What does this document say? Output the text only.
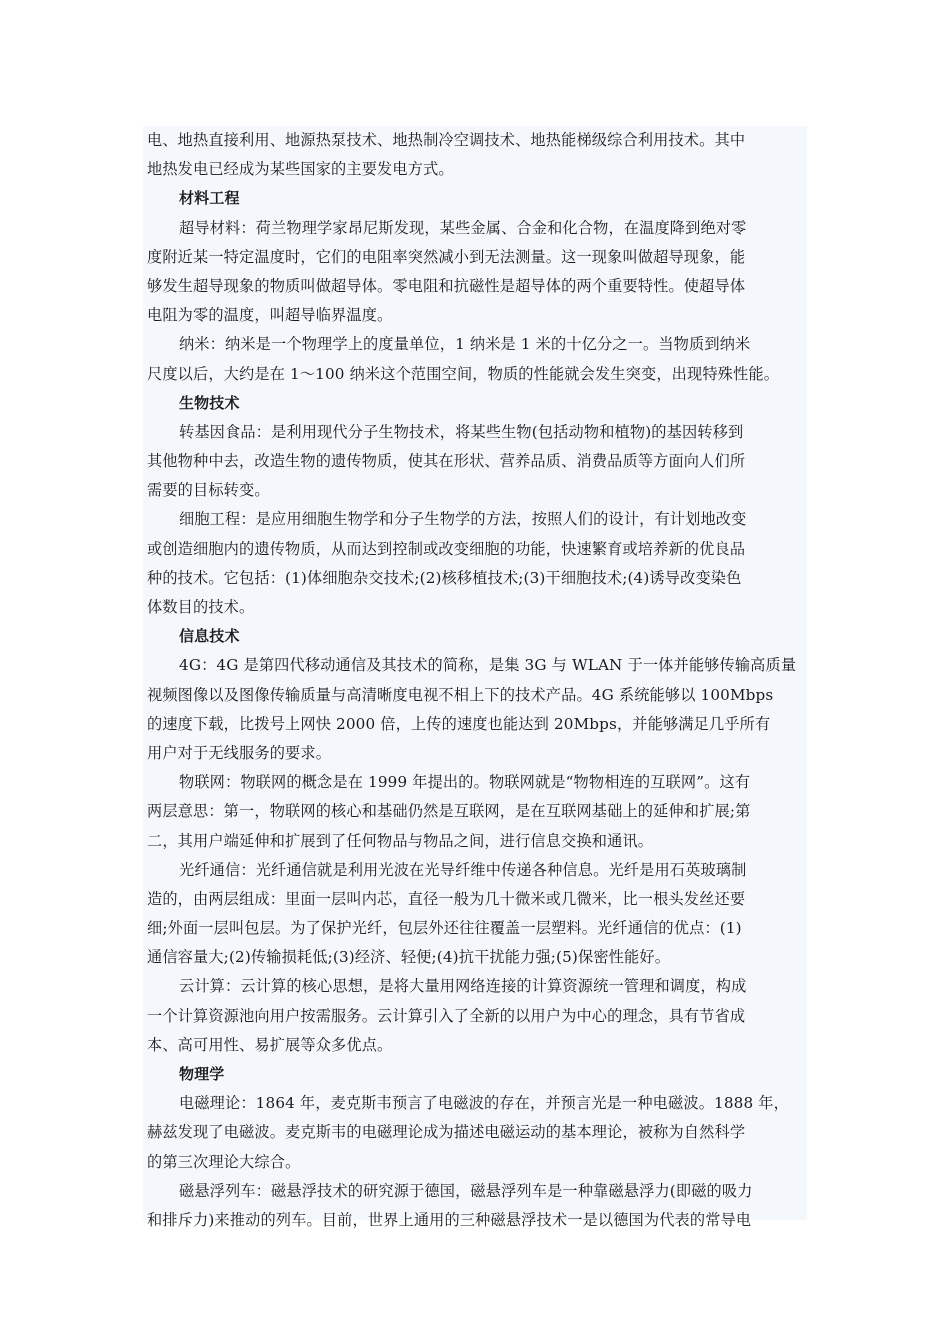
电、地热直接利用、地源热泵技术、地热制冷空调技术、地热能梯级综合利用技术。其中
地热发电已经成为某些国家的主要发电方式。
材料工程
超导材料：荷兰物理学家昂尼斯发现，某些金属、合金和化合物，在温度降到绝对零
度附近某一特定温度时，它们的电阻率突然减小到无法测量。这一现象叫做超导现象，能
够发生超导现象的物质叫做超导体。零电阻和抗磁性是超导体的两个重要特性。使超导体
电阻为零的温度，叫超导临界温度。
纳米：纳米是一个物理学上的度量单位，1 纳米是 1 米的十亿分之一。当物质到纳米
尺度以后，大约是在 1～100 纳米这个范围空间，物质的性能就会发生突变，出现特殊性能。
生物技术
转基因食品：是利用现代分子生物技术，将某些生物(包括动物和植物)的基因转移到
其他物种中去，改造生物的遗传物质，使其在形状、营养品质、消费品质等方面向人们所
需要的目标转变。
细胞工程：是应用细胞生物学和分子生物学的方法，按照人们的设计，有计划地改变
或创造细胞内的遗传物质，从而达到控制或改变细胞的功能，快速繁育或培养新的优良品
种的技术。它包括：(1)体细胞杂交技术;(2)核移植技术;(3)干细胞技术;(4)诱导改变染色
体数目的技术。
信息技术
4G：4G 是第四代移动通信及其技术的简称，是集 3G 与 WLAN 于一体并能够传输高质量
视频图像以及图像传输质量与高清晰度电视不相上下的技术产品。4G 系统能够以 100Mbps
的速度下载，比拨号上网快 2000 倍，上传的速度也能达到 20Mbps，并能够满足几乎所有
用户对于无线服务的要求。
物联网：物联网的概念是在 1999 年提出的。物联网就是“物物相连的互联网”。这有
两层意思：第一，物联网的核心和基础仍然是互联网，是在互联网基础上的延伸和扩展;第
二，其用户端延伸和扩展到了任何物品与物品之间，进行信息交换和通讯。
光纤通信：光纤通信就是利用光波在光导纤维中传递各种信息。光纤是用石英玻璃制
造的，由两层组成：里面一层叫内芯，直径一般为几十微米或几微米，比一根头发丝还要
细;外面一层叫包层。为了保护光纤，包层外还往往覆盖一层塑料。光纤通信的优点：(1)
通信容量大;(2)传输损耗低;(3)经济、轻便;(4)抗干扰能力强;(5)保密性能好。
云计算：云计算的核心思想，是将大量用网络连接的计算资源统一管理和调度，构成
一个计算资源池向用户按需服务。云计算引入了全新的以用户为中心的理念，具有节省成
本、高可用性、易扩展等众多优点。
物理学
电磁理论：1864 年，麦克斯韦预言了电磁波的存在，并预言光是一种电磁波。1888 年，
赫兹发现了电磁波。麦克斯韦的电磁理论成为描述电磁运动的基本理论，被称为自然科学
的第三次理论大综合。
磁悬浮列车：磁悬浮技术的研究源于德国，磁悬浮列车是一种靠磁悬浮力(即磁的吸力
和排斥力)来推动的列车。目前，世界上通用的三种磁悬浮技术一是以德国为代表的常导电
